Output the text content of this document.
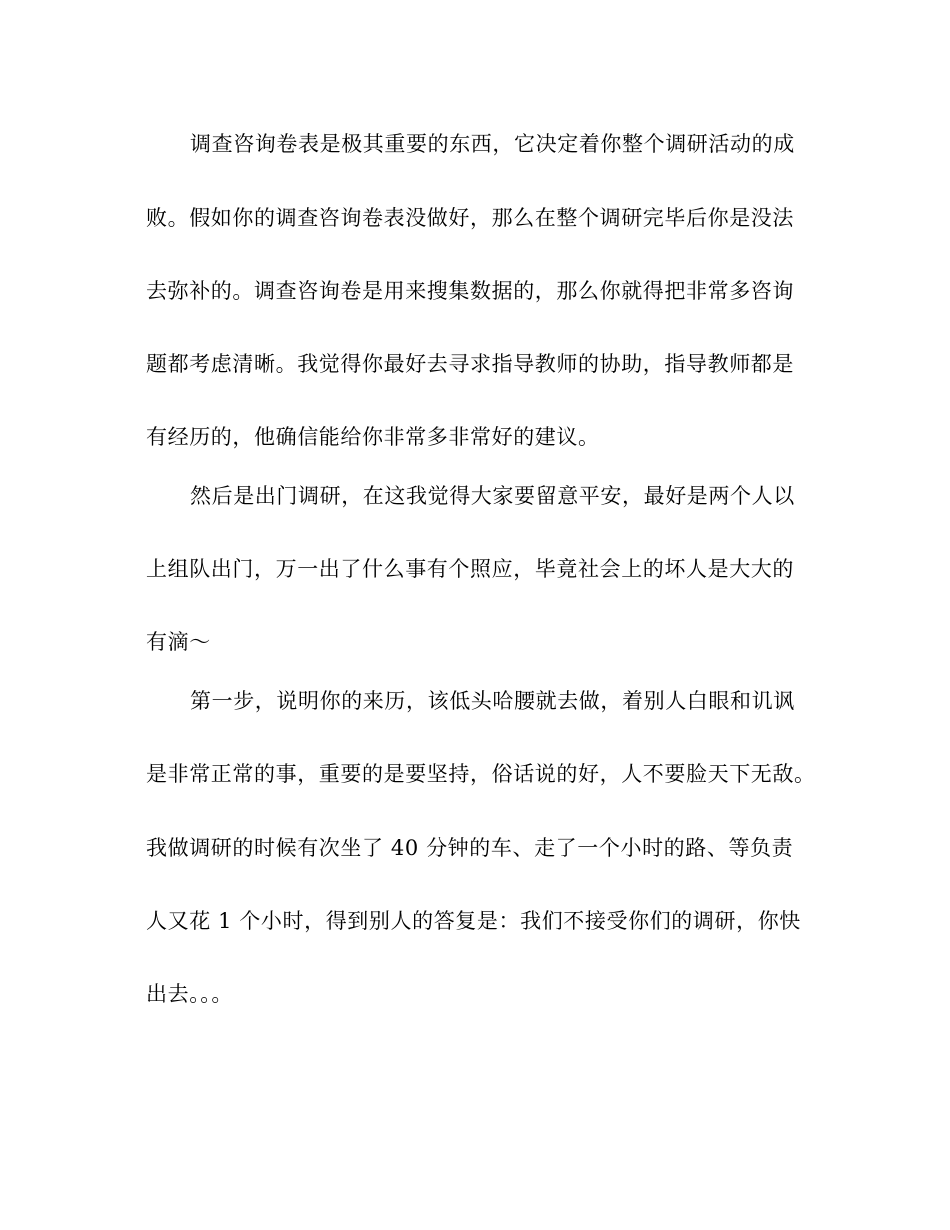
调查咨询卷表是极其重要的东西，它决定着你整个调研活动的成
败。假如你的调查咨询卷表没做好，那么在整个调研完毕后你是没法
去弥补的。调查咨询卷是用来搜集数据的，那么你就得把非常多咨询
题都考虑清晰。我觉得你最好去寻求指导教师的协助，指导教师都是
有经历的，他确信能给你非常多非常好的建议。
然后是出门调研，在这我觉得大家要留意平安，最好是两个人以
上组队出门，万一出了什么事有个照应，毕竟社会上的坏人是大大的
有滴～
第一步，说明你的来历，该低头哈腰就去做，着别人白眼和讥讽
是非常正常的事，重要的是要坚持，俗话说的好，人不要脸天下无敌。
我做调研的时候有次坐了 40 分钟的车、走了一个小时的路、等负责
人又花 1 个小时，得到别人的答复是：我们不接受你们的调研，你快
出去。。。
